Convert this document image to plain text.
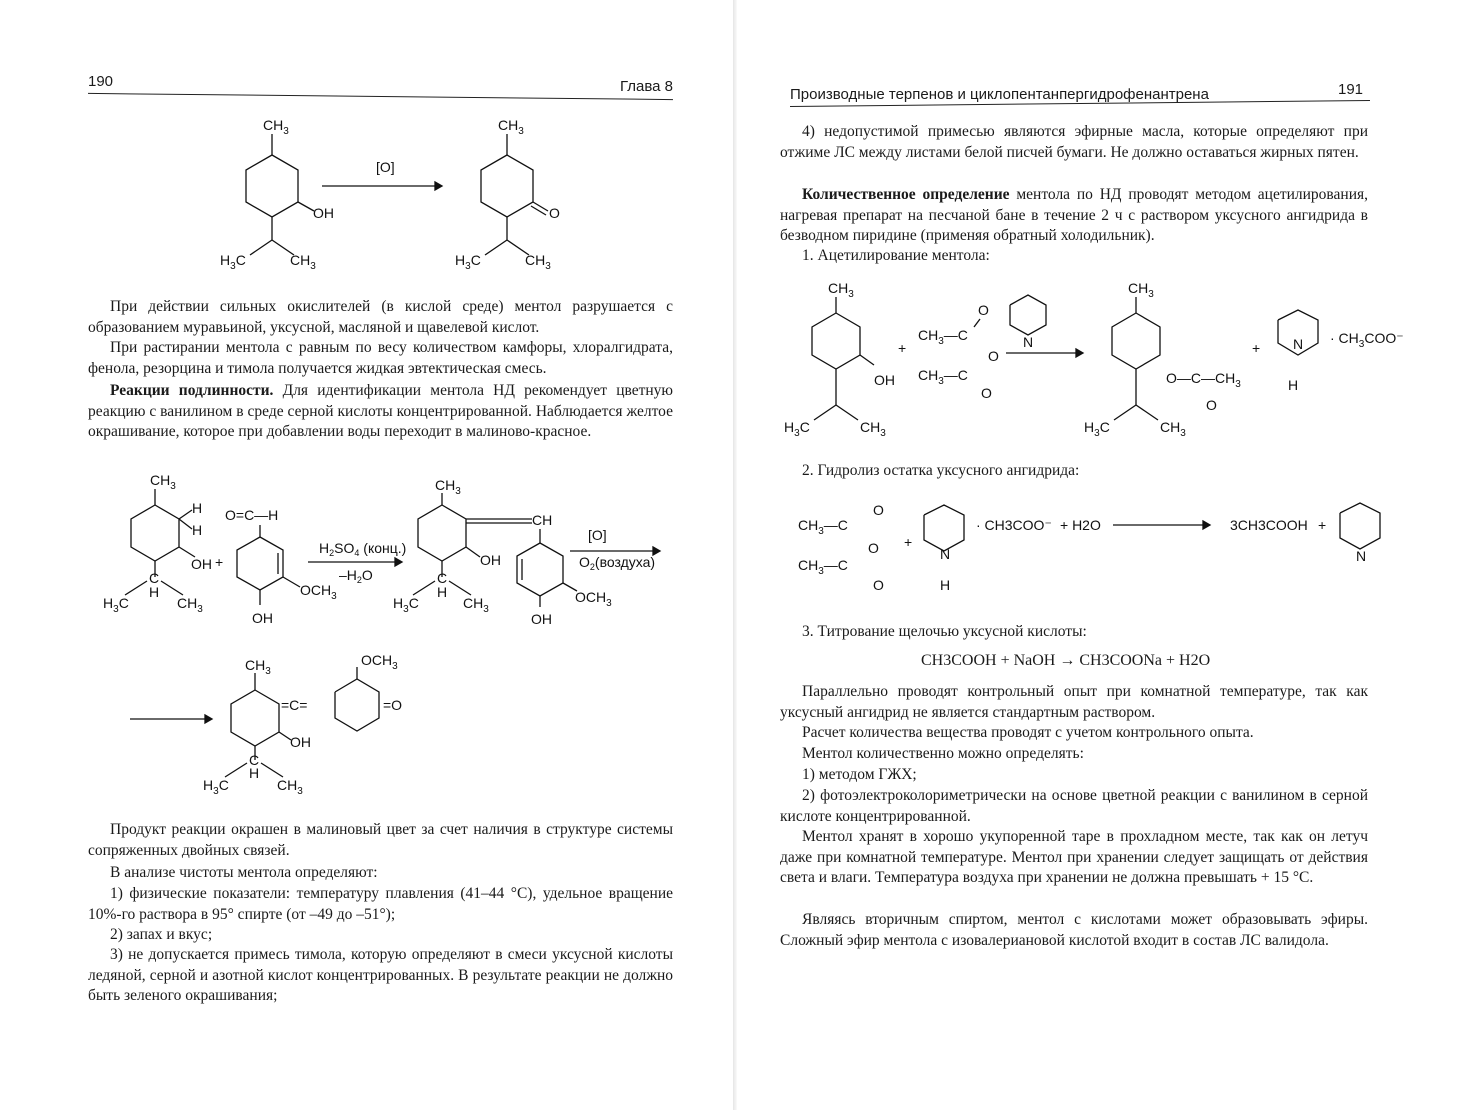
190	Глава 8
$CH_3$
OH
$H_3C$	$CH_3$
[O]
$CH_3$
O
$H_3C$	$CH_3$

При действии сильных окислителей (в кислой среде) ментол разрушается с образованием муравьиной, уксусной, масляной и щавелевой кислот.

При растирании ментола с равным по весу количеством камфоры, хлоралгидрата, фенола, резорцина и тимола получается жидкая эвтектическая смесь.

Реакции подлинности. Для идентификации ментола НД рекомендует цветную реакцию с ванилином в среде серной кислоты концентрированной. Наблюдается желтое окрашивание, которое при добавлении воды переходит в малиново-красное.

$CH_3$
H
H
OH
C
H
$H_3C$	$CH_3$
+
O=C—H
$OCH_3$
OH
$H_2SO_4$ (конц.)
$-H_2O$
$CH_3$
CH
$OCH_3$
OH
OH
C
H
$H_3C$	$CH_3$
[O]
$O_2(воздуха)$
$CH_3$
=C=
$OCH_3$
=O
OH
C
H
$H_3C$	$CH_3$

Продукт реакции окрашен в малиновый цвет за счет наличия в структуре системы сопряженных двойных связей.

В анализе чистоты ментола определяют:

1) физические показатели: температуру плавления (41–44 °С), удельное вращение 10%-го раствора в 95° спирте (от –49 до –51°);

2) запах и вкус;

3) не допускается примесь тимола, которую определяют в смеси уксусной кислоты ледяной, серной и азотной кислот концентрированных. В результате реакции не должно быть зеленого окрашивания;

Производные терпенов и циклопентанпергидрофенантрена	191

4) недопустимой примесью являются эфирные масла, которые определяют при отжиме ЛС между листами белой писчей бумаги. Не должно оставаться жирных пятен.

Количественное определение ментола по НД проводят методом ацетилирования, нагревая препарат на песчаной бане в течение 2 ч с раствором уксусного ангидрида в безводном пиридине (применяя обратный холодильник).

1. Ацетилирование ментола:
$CH_3$
OH
$H_3C$	$CH_3$
+
$CH_3—C$
O
O
$CH_3—C$
O
N
$CH_3$
$O—C—CH_3$
O
$H_3C$	$CH_3$
+ N
H
· $CH_3COO^-$
2. Гидролиз остатка уксусного ангидрида:
$CH_3—C$
O
O
$CH_3—C$
O
+
N
H
· CH3COO⁻ + H2O	3CH3COOH +
N
3. Титрование щелочью уксусной кислоты:
CH3COOH + NaOH → CH3COONa + H2O

Параллельно проводят контрольный опыт при комнатной температуре, так как уксусный ангидрид не является стандартным раствором.

Расчет количества вещества проводят с учетом контрольного опыта.

Ментол количественно можно определять:

1) методом ГЖХ;

2) фотоэлектроколориметрически на основе цветной реакции с ванилином в серной кислоте концентрированной.

Ментол хранят в хорошо укупоренной таре в прохладном месте, так как он летуч даже при комнатной температуре. Ментол при хранении следует защищать от действия света и влаги. Температура воздуха при хранении не должна превышать + 15 °С.

Являясь вторичным спиртом, ментол с кислотами может образовывать эфиры. Сложный эфир ментола с изовалериановой кислотой входит в состав ЛС валидола.
